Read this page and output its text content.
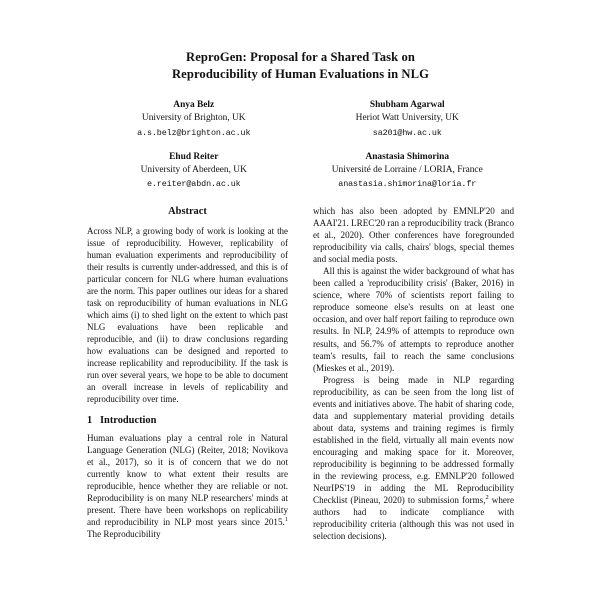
ReproGen: Proposal for a Shared Task on
Reproducibility of Human Evaluations in NLG
Anya Belz
University of Brighton, UK
a.s.belz@brighton.ac.uk
Shubham Agarwal
Heriot Watt University, UK
sa201@hw.ac.uk
Ehud Reiter
University of Aberdeen, UK
e.reiter@abdn.ac.uk
Anastasia Shimorina
Université de Lorraine / LORIA, France
anastasia.shimorina@loria.fr
Abstract

Across NLP, a growing body of work is looking at the issue of reproducibility. However, replicability of human evaluation experiments and reproducibility of their results is currently under-addressed, and this is of particular concern for NLG where human evaluations are the norm. This paper outlines our ideas for a shared task on reproducibility of human evaluations in NLG which aims (i) to shed light on the extent to which past NLG evaluations have been replicable and reproducible, and (ii) to draw conclusions regarding how evaluations can be designed and reported to increase replicability and reproducibility. If the task is run over several years, we hope to be able to document an overall increase in levels of replicability and reproducibility over time.

1 Introduction

Human evaluations play a central role in Natural Language Generation (NLG) (Reiter, 2018; Novikova et al., 2017), so it is of concern that we do not currently know to what extent their results are reproducible, hence whether they are reliable or not. Reproducibility is on many NLP researchers' minds at present. There have been workshops on replicability and reproducibility in NLP most years since 2015.$^1$ The Reproducibility

which has also been adopted by EMNLP'20 and AAAI'21. LREC'20 ran a reproducibility track (Branco et al., 2020). Other conferences have foregrounded reproducibility via calls, chairs' blogs, special themes and social media posts.

All this is against the wider background of what has been called a 'reproducibility crisis' (Baker, 2016) in science, where 70% of scientists report failing to reproduce someone else's results on at least one occasion, and over half report failing to reproduce own results. In NLP, 24.9% of attempts to reproduce own results, and 56.7% of attempts to reproduce another team's results, fail to reach the same conclusions (Mieskes et al., 2019).

Progress is being made in NLP regarding reproducibility, as can be seen from the long list of events and initiatives above. The habit of sharing code, data and supplementary material providing details about data, systems and training regimes is firmly established in the field, virtually all main events now encouraging and making space for it. Moreover, reproducibility is beginning to be addressed formally in the reviewing process, e.g. EMNLP'20 followed NeurIPS'19 in adding the ML Reproducibility Checklist (Pineau, 2020) to submission forms,$^2$ where authors had to indicate compliance with reproducibility criteria (although this was not used in selection decisions).
